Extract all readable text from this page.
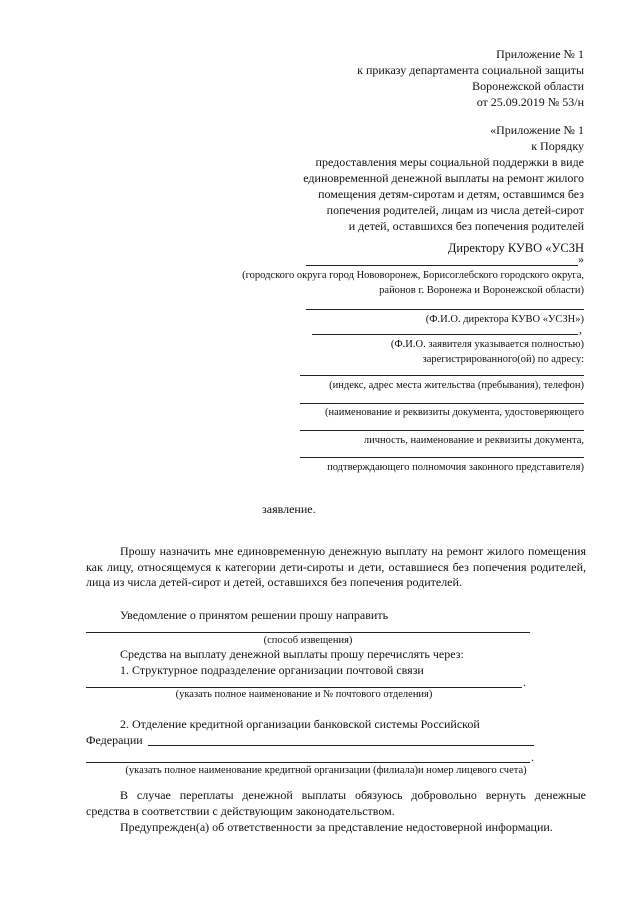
Приложение № 1
к приказу департамента социальной защиты
Воронежской области
от 25.09.2019 № 53/н
«Приложение № 1
к Порядку
предоставления меры социальной поддержки в виде
единовременной денежной выплаты на ремонт жилого
помещения детям-сиротам и детям, оставшимся без
попечения родителей, лицам из числа детей-сирот
и детей, оставшихся без попечения родителей
Директору КУВО «УСЗН
»
(городского округа город Нововоронеж, Борисоглебского городского округа,
районов г. Воронежа и Воронежской области)
(Ф.И.О. директора КУВО «УСЗН»)
,
(Ф.И.О. заявителя указывается полностью)
зарегистрированного(ой) по адресу:
(индекс, адрес места жительства (пребывания), телефон)
(наименование и реквизиты документа, удостоверяющего
личность, наименование и реквизиты документа,
подтверждающего полномочия законного представителя)
заявление.
Прошу назначить мне единовременную денежную выплату на ремонт жилого помещения как лицу, относящемуся к категории дети-сироты и дети, оставшиеся без попечения родителей, лица из числа детей-сирот и детей, оставшихся без попечения родителей.
Уведомление о принятом решении прошу направить
(способ извещения)
Средства на выплату денежной выплаты прошу перечислять через:
1. Структурное подразделение организации почтовой связи
.
(указать полное наименование и № почтового отделения)
2. Отделение кредитной организации банковской системы Российской
Федерации
.
(указать полное наименование кредитной организации (филиала)и номер лицевого счета)
В случае переплаты денежной выплаты обязуюсь добровольно вернуть денежные средства в соответствии с действующим законодательством.
Предупрежден(а) об ответственности за представление недостоверной информации.
